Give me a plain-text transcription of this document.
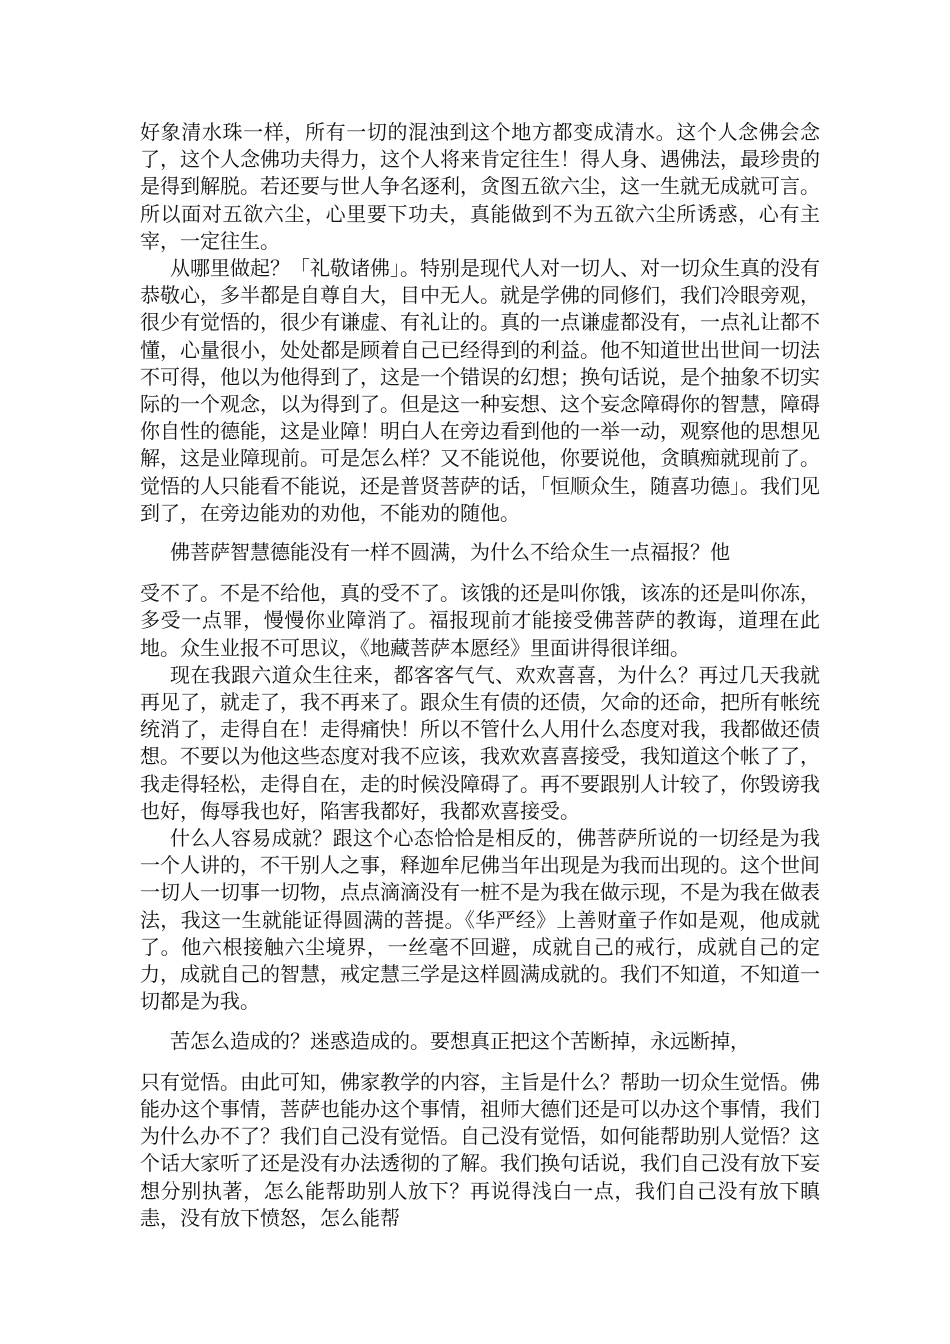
好象清水珠一样，所有一切的混浊到这个地方都变成清水。这个人念佛会念了，这个人念佛功夫得力，这个人将来肯定往生！得人身、遇佛法，最珍贵的是得到解脱。若还要与世人争名逐利，贪图五欲六尘，这一生就无成就可言。所以面对五欲六尘，心里要下功夫，真能做到不为五欲六尘所诱惑，心有主宰，一定往生。

从哪里做起？「礼敬诸佛」。特别是现代人对一切人、对一切众生真的没有恭敬心，多半都是自尊自大，目中无人。就是学佛的同修们，我们冷眼旁观，很少有觉悟的，很少有谦虚、有礼让的。真的一点谦虚都没有，一点礼让都不懂，心量很小，处处都是顾着自己已经得到的利益。他不知道世出世间一切法不可得，他以为他得到了，这是一个错误的幻想；换句话说，是个抽象不切实际的一个观念，以为得到了。但是这一种妄想、这个妄念障碍你的智慧，障碍你自性的德能，这是业障！明白人在旁边看到他的一举一动，观察他的思想见解，这是业障现前。可是怎么样？又不能说他，你要说他，贪瞋痴就现前了。觉悟的人只能看不能说，还是普贤菩萨的话，「恒顺众生，随喜功德」。我们见到了，在旁边能劝的劝他，不能劝的随他。

佛菩萨智慧德能没有一样不圆满，为什么不给众生一点福报？他

受不了。不是不给他，真的受不了。该饿的还是叫你饿，该冻的还是叫你冻，多受一点罪，慢慢你业障消了。福报现前才能接受佛菩萨的教诲，道理在此地。众生业报不可思议，《地藏菩萨本愿经》里面讲得很详细。

现在我跟六道众生往来，都客客气气、欢欢喜喜，为什么？再过几天我就再见了，就走了，我不再来了。跟众生有债的还债，欠命的还命，把所有帐统统消了，走得自在！走得痛快！所以不管什么人用什么态度对我，我都做还债想。不要以为他这些态度对我不应该，我欢欢喜喜接受，我知道这个帐了了，我走得轻松，走得自在，走的时候没障碍了。再不要跟别人计较了，你毁谤我也好，侮辱我也好，陷害我都好，我都欢喜接受。

什么人容易成就？跟这个心态恰恰是相反的，佛菩萨所说的一切经是为我一个人讲的，不干别人之事，释迦牟尼佛当年出现是为我而出现的。这个世间一切人一切事一切物，点点滴滴没有一桩不是为我在做示现，不是为我在做表法，我这一生就能证得圆满的菩提。《华严经》上善财童子作如是观，他成就了。他六根接触六尘境界，一丝毫不回避，成就自己的戒行，成就自己的定力，成就自己的智慧，戒定慧三学是这样圆满成就的。我们不知道，不知道一切都是为我。

苦怎么造成的？迷惑造成的。要想真正把这个苦断掉，永远断掉，

只有觉悟。由此可知，佛家教学的内容，主旨是什么？帮助一切众生觉悟。佛能办这个事情，菩萨也能办这个事情，祖师大德们还是可以办这个事情，我们为什么办不了？我们自己没有觉悟。自己没有觉悟，如何能帮助别人觉悟？这个话大家听了还是没有办法透彻的了解。我们换句话说，我们自己没有放下妄想分别执著，怎么能帮助别人放下？再说得浅白一点，我们自己没有放下瞋恚，没有放下愤怒，怎么能帮
